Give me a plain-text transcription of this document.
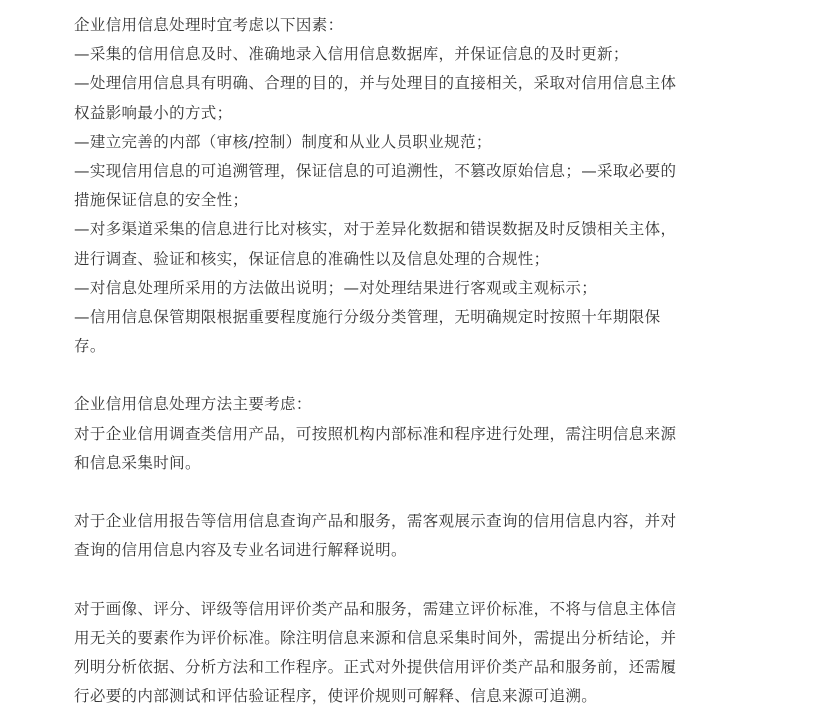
企业信用信息处理时宜考虑以下因素：
—采集的信用信息及时、准确地录入信用信息数据库，并保证信息的及时更新；
—处理信用信息具有明确、合理的目的，并与处理目的直接相关，采取对信用信息主体
权益影响最小的方式；
—建立完善的内部（审核/控制）制度和从业人员职业规范；
—实现信用信息的可追溯管理，保证信息的可追溯性，不篡改原始信息；—采取必要的
措施保证信息的安全性；
—对多渠道采集的信息进行比对核实，对于差异化数据和错误数据及时反馈相关主体，
进行调查、验证和核实，保证信息的准确性以及信息处理的合规性；
—对信息处理所采用的方法做出说明；—对处理结果进行客观或主观标示；
—信用信息保管期限根据重要程度施行分级分类管理，无明确规定时按照十年期限保
存。
企业信用信息处理方法主要考虑：
对于企业信用调查类信用产品，可按照机构内部标准和程序进行处理，需注明信息来源
和信息采集时间。
对于企业信用报告等信用信息查询产品和服务，需客观展示查询的信用信息内容，并对
查询的信用信息内容及专业名词进行解释说明。
对于画像、评分、评级等信用评价类产品和服务，需建立评价标准，不将与信息主体信
用无关的要素作为评价标准。除注明信息来源和信息采集时间外，需提出分析结论，并
列明分析依据、分析方法和工作程序。正式对外提供信用评价类产品和服务前，还需履
行必要的内部测试和评估验证程序，使评价规则可解释、信息来源可追溯。
